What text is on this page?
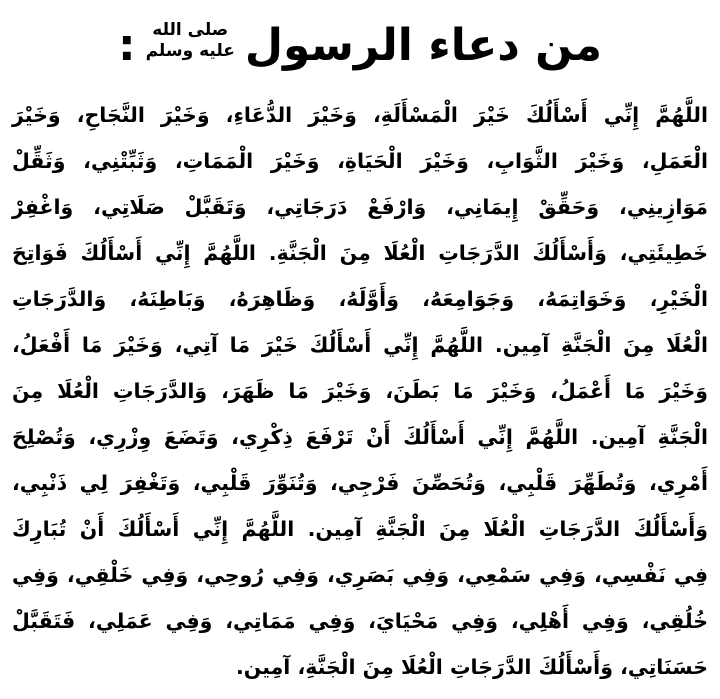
من دعاء الرسول
صلى الله
عليه وسلم
:
اللَّهُمَّ إِنِّي أَسْأَلُكَ خَيْرَ الْمَسْأَلَةِ، وَخَيْرَ الدُّعَاءِ، وَخَيْرَ النَّجَاحِ، وَخَيْرَ
الْعَمَلِ، وَخَيْرَ الثَّوَابِ، وَخَيْرَ الْحَيَاةِ، وَخَيْرَ الْمَمَاتِ، وَثَبِّتْنِي، وَثَقِّلْ
مَوَازِينِي، وَحَقِّقْ إِيمَانِي، وَارْفَعْ دَرَجَاتِي، وَتَقَبَّلْ صَلَاتِي، وَاغْفِرْ
خَطِيئَتِي، وَأَسْأَلُكَ الدَّرَجَاتِ الْعُلَا مِنَ الْجَنَّةِ. اللَّهُمَّ إِنِّي أَسْأَلُكَ فَوَاتِحَ
الْخَيْرِ، وَخَوَاتِمَهُ، وَجَوَامِعَهُ، وَأَوَّلَهُ، وَظَاهِرَهُ، وَبَاطِنَهُ، وَالدَّرَجَاتِ
الْعُلَا مِنَ الْجَنَّةِ آمِين. اللَّهُمَّ إِنِّي أَسْأَلُكَ خَيْرَ مَا آتِي، وَخَيْرَ مَا أَفْعَلُ،
وَخَيْرَ مَا أَعْمَلُ، وَخَيْرَ مَا بَطَنَ، وَخَيْرَ مَا ظَهَرَ، وَالدَّرَجَاتِ الْعُلَا مِنَ
الْجَنَّةِ آمِين. اللَّهُمَّ إِنِّي أَسْأَلُكَ أَنْ تَرْفَعَ ذِكْرِي، وَتَضَعَ وِزْرِي، وَتُصْلِحَ
أَمْرِي، وَتُطَهِّرَ قَلْبِي، وَتُحَصِّنَ فَرْجِي، وَتُنَوِّرَ قَلْبِي، وَتَغْفِرَ لِي ذَنْبِي،
وَأَسْأَلُكَ الدَّرَجَاتِ الْعُلَا مِنَ الْجَنَّةِ آمِين. اللَّهُمَّ إِنِّي أَسْأَلُكَ أَنْ تُبَارِكَ
فِي نَفْسِي، وَفِي سَمْعِي، وَفِي بَصَرِي، وَفِي رُوحِي، وَفِي خَلْقِي، وَفِي
خُلُقِي، وَفِي أَهْلِي، وَفِي مَحْيَايَ، وَفِي مَمَاتِي، وَفِي عَمَلِي، فَتَقَبَّلْ
حَسَنَاتِي، وَأَسْأَلُكَ الدَّرَجَاتِ الْعُلَا مِنَ الْجَنَّةِ، آمِين.
